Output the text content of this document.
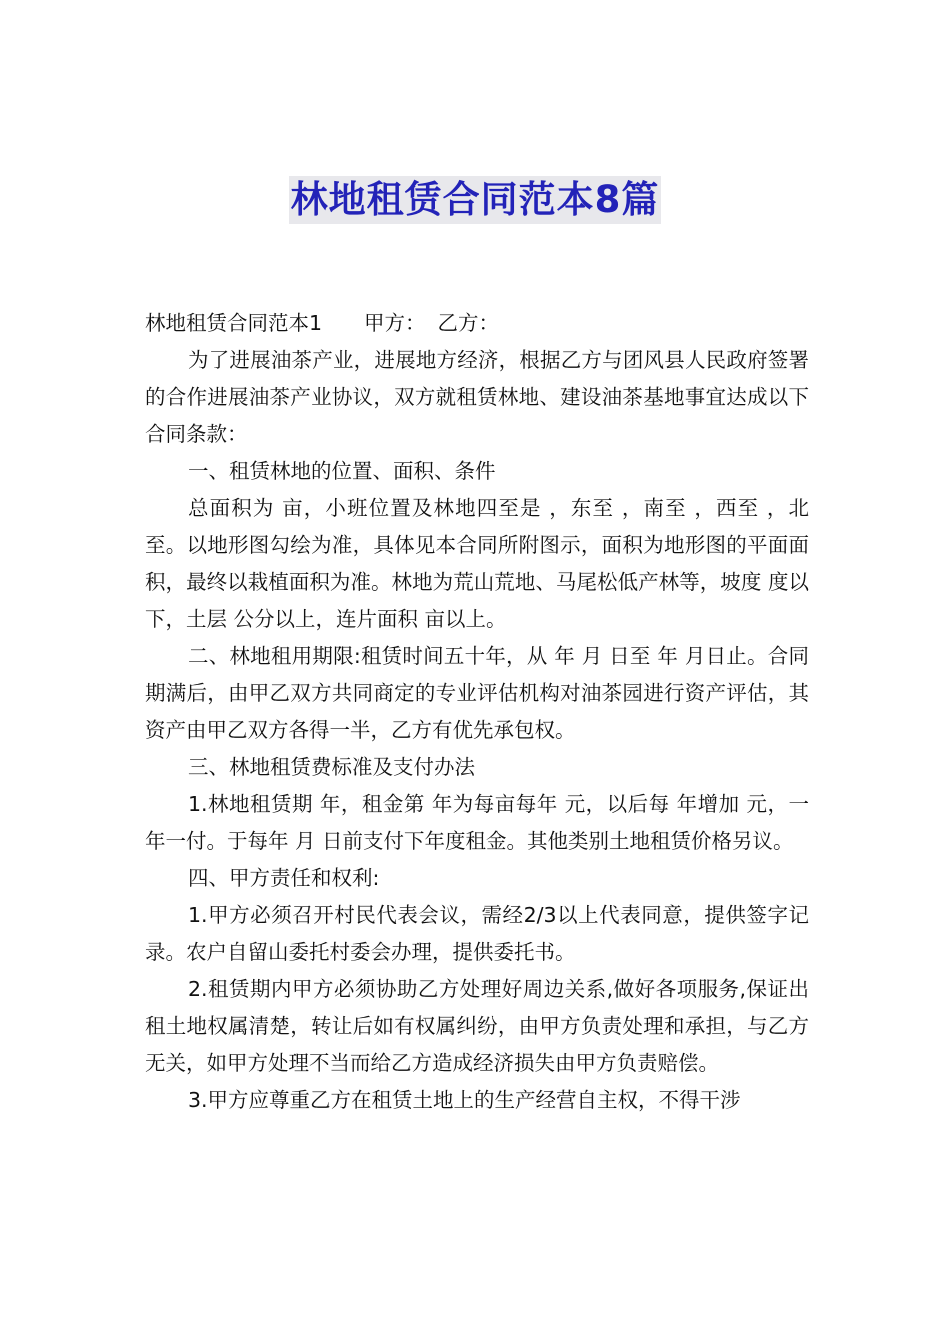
林地租赁合同范本8篇

林地租赁合同范本1 甲方： 乙方：

为了进展油茶产业，进展地方经济，根据乙方与团风县人民政府签署的合作进展油茶产业协议，双方就租赁林地、建设油茶基地事宜达成以下合同条款：

一、租赁林地的位置、面积、条件

总面积为 亩，小班位置及林地四至是 ，东至 ，南至 ，西至 ，北至。以地形图勾绘为准，具体见本合同所附图示，面积为地形图的平面面积，最终以栽植面积为准。林地为荒山荒地、马尾松低产林等，坡度 度以下，土层 公分以上，连片面积 亩以上。

二、林地租用期限:租赁时间五十年，从 年 月 日至 年 月日止。合同期满后，由甲乙双方共同商定的专业评估机构对油茶园进行资产评估，其资产由甲乙双方各得一半，乙方有优先承包权。

三、林地租赁费标准及支付办法

1.林地租赁期 年，租金第 年为每亩每年 元，以后每 年增加 元，一年一付。于每年 月 日前支付下年度租金。其他类别土地租赁价格另议。

四、甲方责任和权利:

1.甲方必须召开村民代表会议，需经2/3以上代表同意，提供签字记录。农户自留山委托村委会办理，提供委托书。

2.租赁期内甲方必须协助乙方处理好周边关系,做好各项服务,保证出租土地权属清楚，转让后如有权属纠纷，由甲方负责处理和承担，与乙方无关，如甲方处理不当而给乙方造成经济损失由甲方负责赔偿。

3.甲方应尊重乙方在租赁土地上的生产经营自主权，不得干涉
